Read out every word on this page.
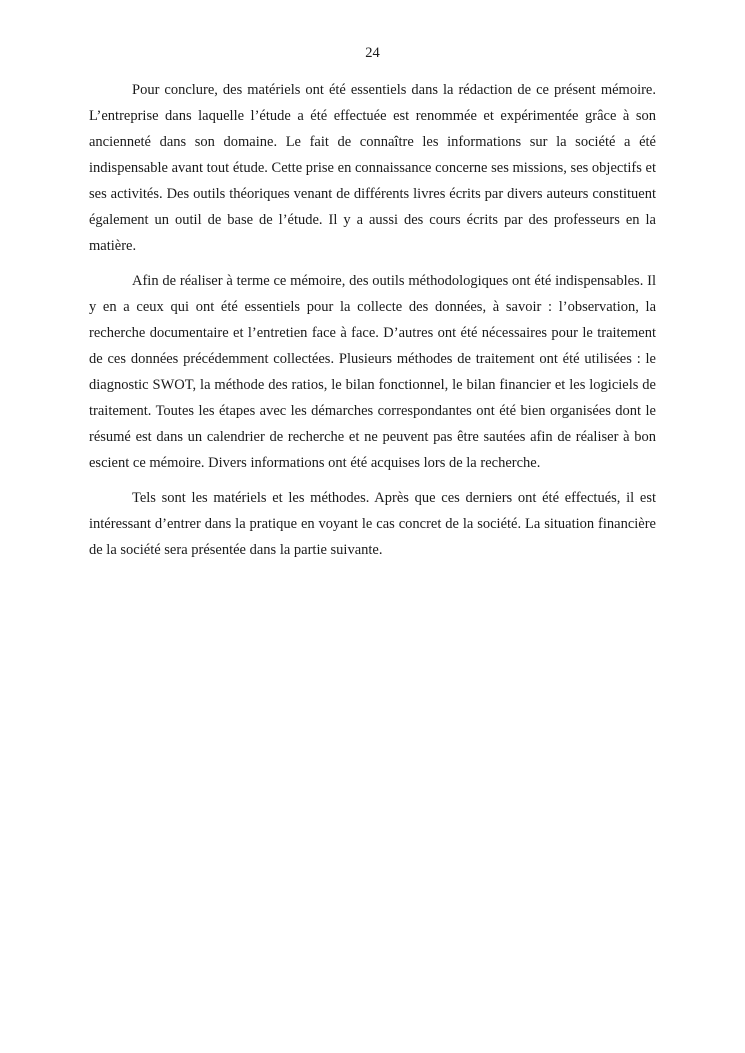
24

Pour conclure, des matériels ont été essentiels dans la rédaction de ce présent mémoire. L’entreprise dans laquelle l’étude a été effectuée est renommée et expérimentée grâce à son ancienneté dans son domaine. Le fait de connaître les informations sur la société a été indispensable avant tout étude. Cette prise en connaissance concerne ses missions, ses objectifs et ses activités. Des outils théoriques venant de différents livres écrits par divers auteurs constituent également un outil de base de l’étude. Il y a aussi des cours écrits par des professeurs en la matière.

Afin de réaliser à terme ce mémoire, des outils méthodologiques ont été indispensables. Il y en a ceux qui ont été essentiels pour la collecte des données, à savoir : l’observation, la recherche documentaire et l’entretien face à face. D’autres ont été nécessaires pour le traitement de ces données précédemment collectées. Plusieurs méthodes de traitement ont été utilisées : le diagnostic SWOT, la méthode des ratios, le bilan fonctionnel, le bilan financier et les logiciels de traitement. Toutes les étapes avec les démarches correspondantes ont été bien organisées dont le résumé est dans un calendrier de recherche et ne peuvent pas être sautées afin de réaliser à bon escient ce mémoire. Divers informations ont été acquises lors de la recherche.

Tels sont les matériels et les méthodes. Après que ces derniers ont été effectués, il est intéressant d’entrer dans la pratique en voyant le cas concret de la société. La situation financière de la société sera présentée dans la partie suivante.
